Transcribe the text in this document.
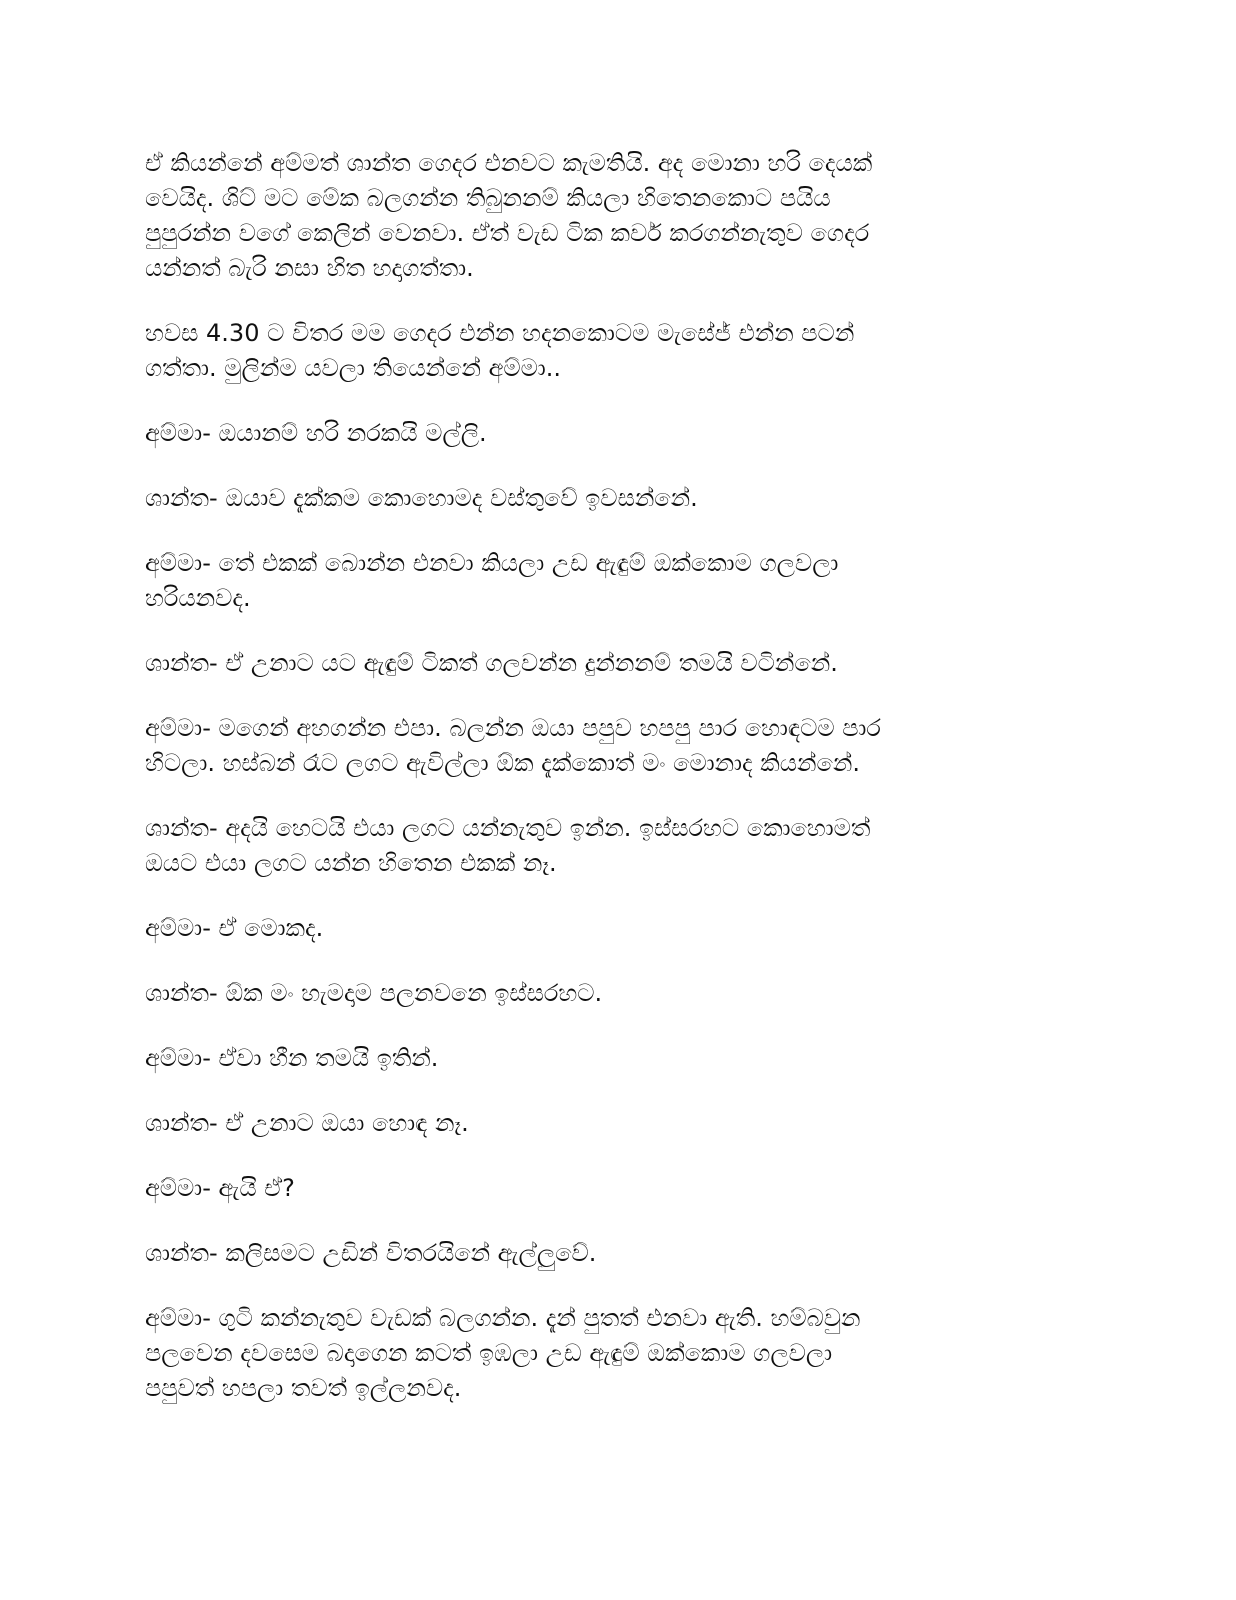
ඒ කියන්නේ අම්මත් ශාන්ත ගෙදර එනවට කැමතියි. අද මොනා හරි දෙයක්
වෙයිද. ශිට් මට මේක බලගන්න තිබුනනම් කියලා හිතෙනකොට පයිය
පුපුරන්න වගේ කෙලින් වෙනවා. ඒත් වැඩ ටික කවර් කරගන්නැතුව ගෙදර
යන්නත් බැරි නසා හිත හදාගත්තා.

හවස 4.30 ට විතර මම ගෙදර එන්න හදනකොටම මැසේජ් එන්න පටන්
ගත්තා. මුලින්ම යවලා තියෙන්නේ අම්මා..

අම්මා- ඔයානම් හරි නරකයි මල්ලි.

ශාන්ත- ඔයාව දැක්කම කොහොමද වස්තුවේ ඉවසන්නේ.

අම්මා- තේ එකක් බොන්න එනවා කියලා උඩ ඇඳුම් ඔක්කොම ගලවලා
හරියනවද.

ශාන්ත- ඒ උනාට යට ඇඳුම් ටිකත් ගලවන්න දුන්නනම් තමයි වටින්නේ.

අම්මා- මගෙන් අහගන්න එපා. බලන්න ඔයා පපුව හපපු පාර හොඳටම පාර
හිටලා. හස්බන් රෑට ලගට ඇවිල්ලා ඕක දැක්කොත් මං මොනාද කියන්නේ.

ශාන්ත- අදයි හෙටයි එයා ලගට යන්නැතුව ඉන්න. ඉස්සරහට කොහොමත්
ඔයට එයා ලගට යන්න හිතෙන එකක් නෑ.

අම්මා- ඒ මොකද.

ශාන්ත- ඕක මං හැමදාම පලනවනෙ ඉස්සරහට.

අම්මා- ඒවා හීන තමයි ඉතින්.

ශාන්ත- ඒ උනාට ඔයා හොඳ නෑ.

අම්මා- ඇයි ඒ?

ශාන්ත- කලිසමට උඩින් විතරයිනේ ඇල්ලුවේ.

අම්මා- ගුටි කන්නැතුව වැඩක් බලගන්න. දැන් පුතත් එනවා ඇති. හම්බවුන
පලවෙන දවසෙම බදාගෙන කටත් ඉඹලා උඩ ඇඳුම් ඔක්කොම ගලවලා
පපුවත් හපලා තවත් ඉල්ලනවද.
